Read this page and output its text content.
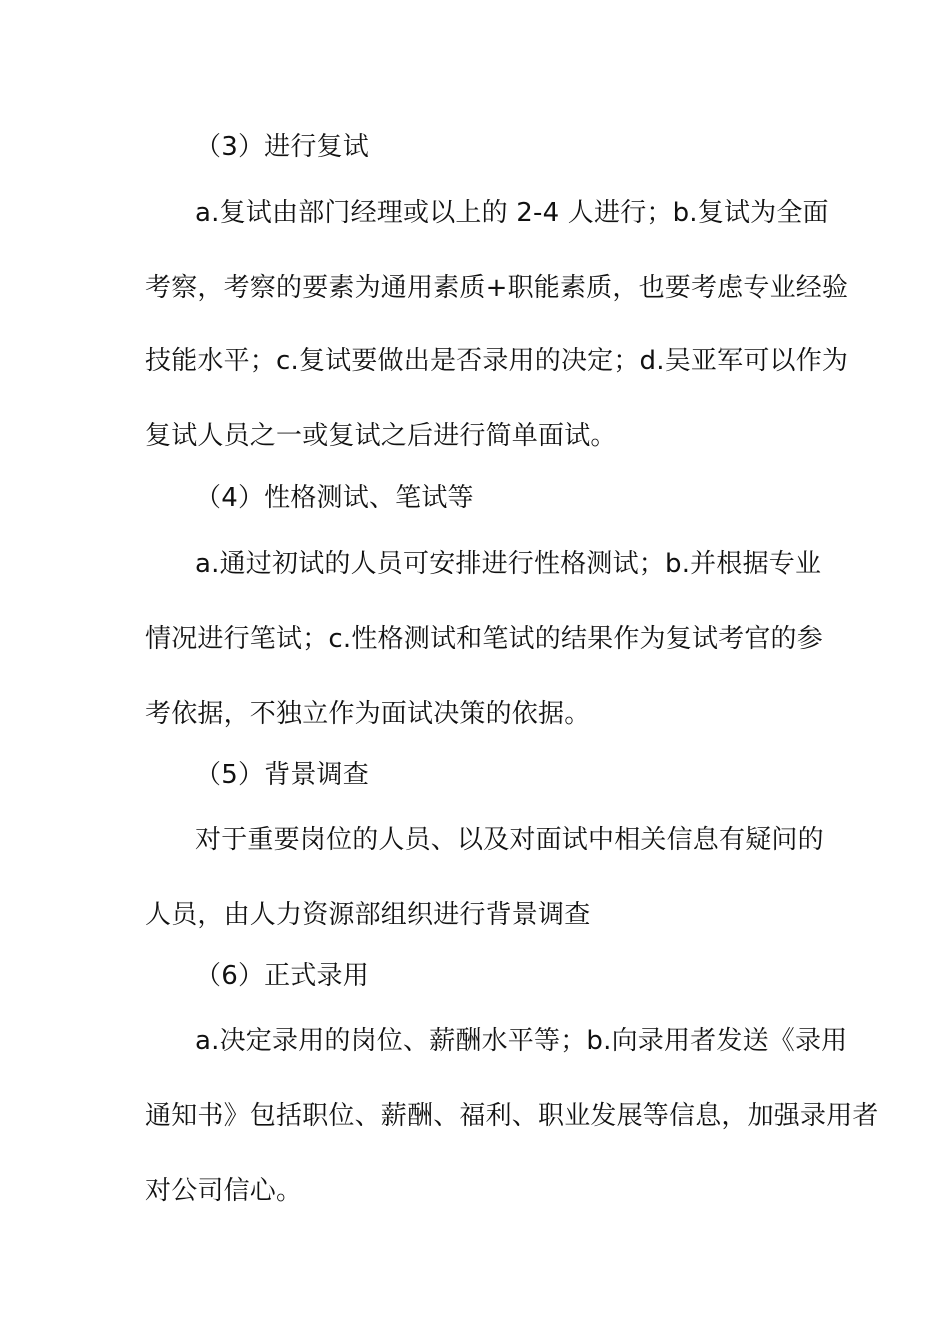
（3）进行复试
a.复试由部门经理或以上的 2-4 人进行；b.复试为全面
考察，考察的要素为通用素质+职能素质，也要考虑专业经验
技能水平；c.复试要做出是否录用的决定；d.吴亚军可以作为
复试人员之一或复试之后进行简单面试。
（4）性格测试、笔试等
a.通过初试的人员可安排进行性格测试；b.并根据专业
情况进行笔试；c.性格测试和笔试的结果作为复试考官的参
考依据，不独立作为面试决策的依据。
（5）背景调查
对于重要岗位的人员、以及对面试中相关信息有疑问的
人员，由人力资源部组织进行背景调查
（6）正式录用
a.决定录用的岗位、薪酬水平等；b.向录用者发送《录用
通知书》包括职位、薪酬、福利、职业发展等信息，加强录用者
对公司信心。
